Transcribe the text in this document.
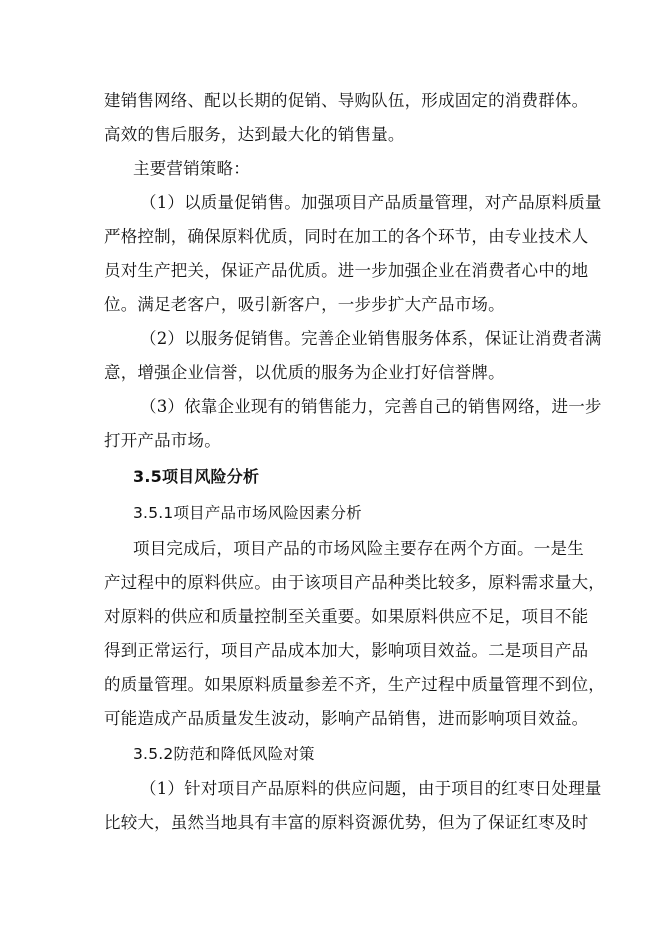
建销售网络、配以长期的促销、导购队伍，形成固定的消费群体。
高效的售后服务，达到最大化的销售量。
主要营销策略：
（1）以质量促销售。加强项目产品质量管理，对产品原料质量
严格控制，确保原料优质，同时在加工的各个环节，由专业技术人
员对生产把关，保证产品优质。进一步加强企业在消费者心中的地
位。满足老客户，吸引新客户，一步步扩大产品市场。
（2）以服务促销售。完善企业销售服务体系，保证让消费者满
意，增强企业信誉，以优质的服务为企业打好信誉牌。
（3）依靠企业现有的销售能力，完善自己的销售网络，进一步
打开产品市场。
3.5项目风险分析
3.5.1项目产品市场风险因素分析
项目完成后，项目产品的市场风险主要存在两个方面。一是生
产过程中的原料供应。由于该项目产品种类比较多，原料需求量大，
对原料的供应和质量控制至关重要。如果原料供应不足，项目不能
得到正常运行，项目产品成本加大，影响项目效益。二是项目产品
的质量管理。如果原料质量参差不齐，生产过程中质量管理不到位，
可能造成产品质量发生波动，影响产品销售，进而影响项目效益。
3.5.2防范和降低风险对策
（1）针对项目产品原料的供应问题，由于项目的红枣日处理量
比较大，虽然当地具有丰富的原料资源优势，但为了保证红枣及时
